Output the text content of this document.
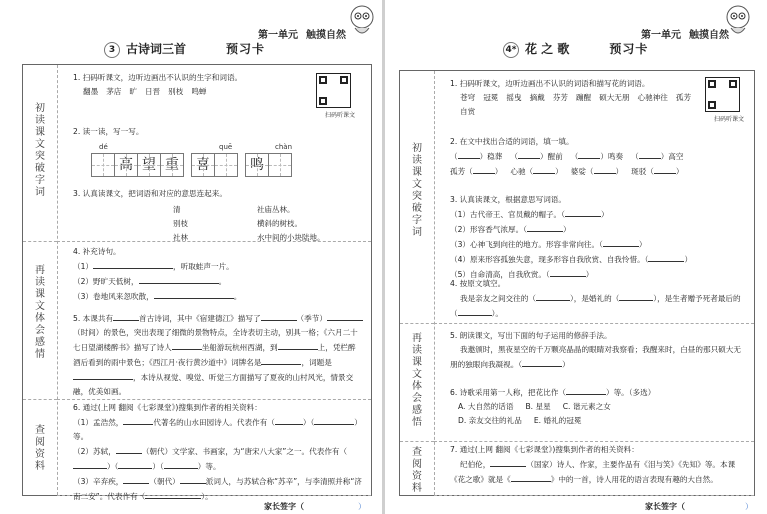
第一单元 触摸自然
3 古诗词三首	预习卡
扫码听课文
1. 扫码听课文，边听边画出不认识的生字和词语。
翻墨 茅店 旷 日晋 别枝 鸣蝉
2. 读一读，写一写。
dé	quē	chàn
高 望 重	喜	鸣
3. 认真读课文，把词语和对应的意思连起来。
清
别枝
社林
社庙丛林。
横斜的树枝。
水中间的小块陆地。
4. 补充诗句。
（1）	，听取蛙声一片。
（2）野旷天低树，	。
（3）卷地风来忽吹散，	。
5. 本课共有	首古诗词，其中《宿建德江》描写了	（季节）（时间）的景色，突出表现了细微的景物特点，全诗表切主动，别具一格；《六月二十七日望湖楼醉书》描写了诗人	坐船游玩杭州西湖，到	上，凭栏醉酒后看到的雨中景色；《西江月·夜行黄沙道中》词牌名是	，词题是，本诗从视觉、嗅觉、听觉三方面描写了夏夜的山村风光，情景交融，优美如画。
6. 通过(上网 翻阅《七彩课堂》)搜集到作者的相关资料：
（1）孟浩然，	代著名的山水田园诗人。代表作有（	）（	）等。
（2）苏轼，	（朝代）文学家、书画家，为“唐宋八大家”之一。代表作有（）（	）（	）等。
（3）辛弃疾，	（朝代）	派词人，与苏轼合称“苏辛”，与李清照并称“济南二安”。代表作有（	）。
初读课文 突破字词
再读课文 体会感情
查阅资料
家长签字（	）
第一单元 触摸自然
4* 花 之 歌	预习卡
扫码听课文
1. 扫码听课文，边听边画出不认识的词语和描写花的词语。
苍穹 冠冕 摇曳 摘戴 芬芳 蹦醒 硕大无朋 心驰神往 孤芳自赏
2. 在文中找出合适的词语，填一填。
（	）稳葬 （	）醒前 （	）鸣奏 （	）高空
孤芳（	） 心驰（	） 婆娑（	） 斑驳（	）
3. 认真读课文，根据意思写词语。
（1）古代帝王、官员戴的帽子。（	）
（2）形容香气浓厚。（	）
（3）心神飞到向往的地方。形容非常向往。（	）
（4）原来形容孤独失意，现多形容自我欣赏、自我怜惜。（	）
（5）自命清高，自我欣赏。（	）
4. 按原文填空。
我是亲友之间交往的（	），是婚礼的（	），是生者赠予死者最后的（	）。
5. 朗读课文，写出下面的句子运用的修辞手法。
我邀颁时，黑夜星空的千万颗亮晶晶的眼睛对我察看；我醒来时，白昼的那只硕大无朋的独眼向我凝视。（	）
6. 诗歌采用第一人称，把花比作（	）等。（多选）
A. 大自然的话语 B. 星星 C. 谐元素之女
D. 亲友交往的礼品 E. 婚礼的冠冕
7. 通过(上网 翻阅《七彩课堂》)搜集到作者的相关资料：
纪伯伦，	（国家）诗人、作家，主要作品有《泪与笑》《先知》等。本课《花之歌》就是《	》中的一首，诗人用花的语言表现有趣的大自然。
初读课文 突破字词
再读课文 体会感悟
查阅资料
家长签字（	）
